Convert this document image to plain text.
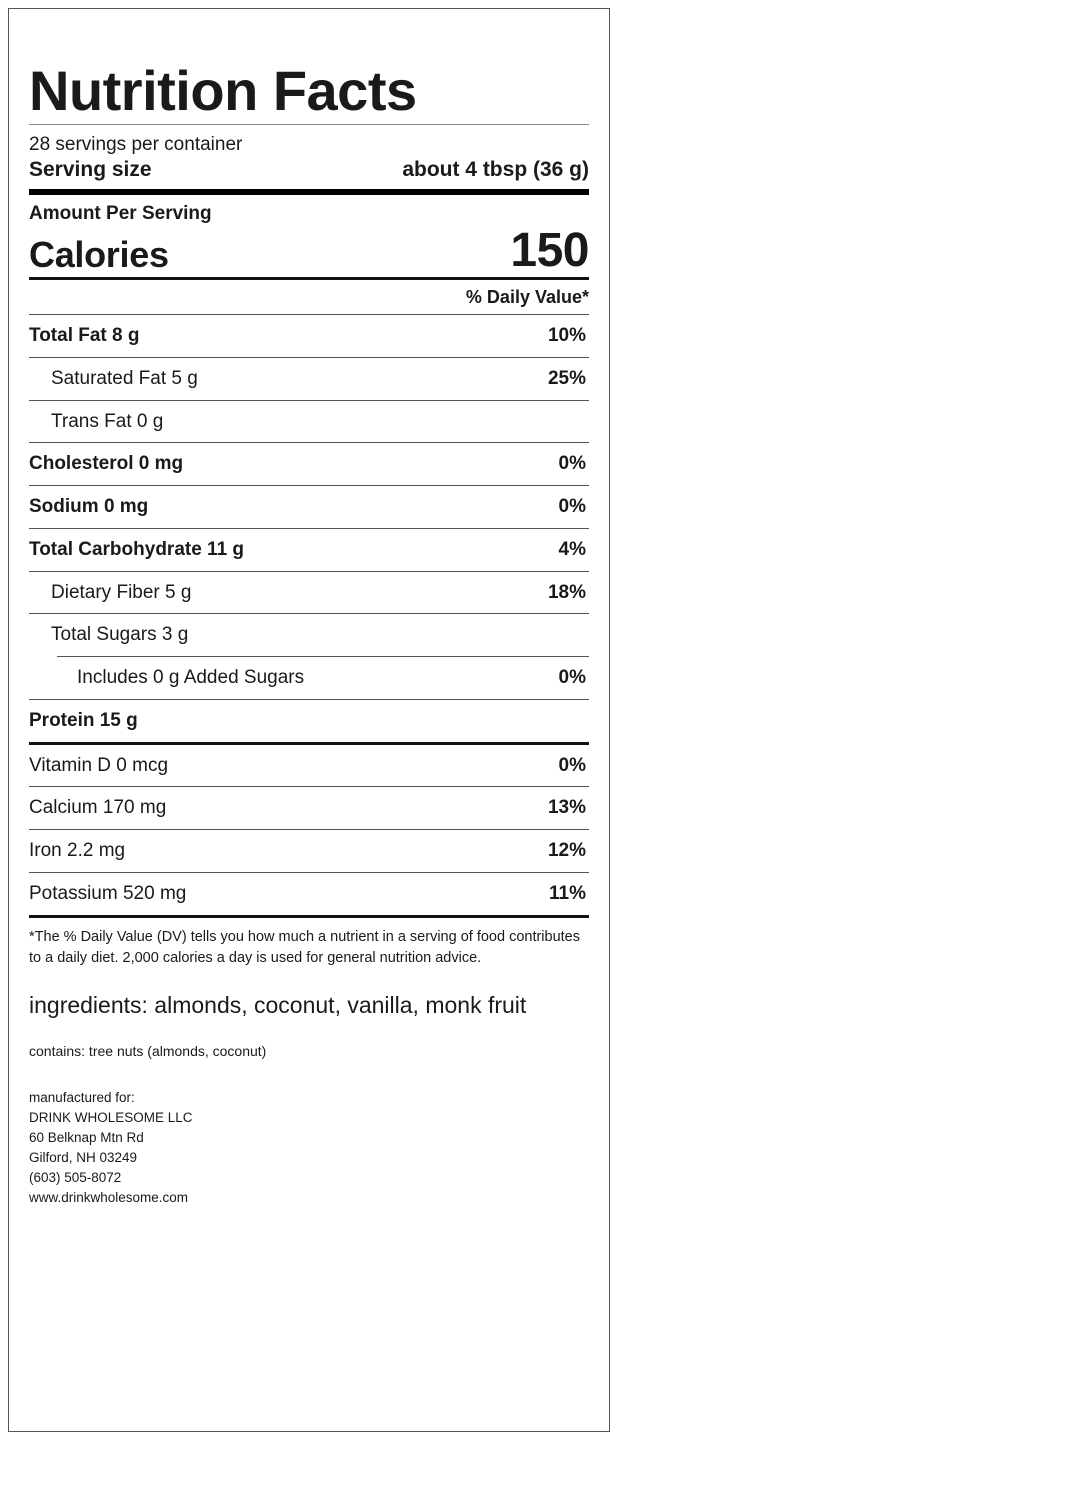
Nutrition Facts
28 servings per container
Serving size	about 4 tbsp (36 g)
Amount Per Serving
Calories	150
% Daily Value*
Total Fat 8 g	10%
Saturated Fat 5 g	25%
Trans Fat 0 g
Cholesterol 0 mg	0%
Sodium 0 mg	0%
Total Carbohydrate 11 g	4%
Dietary Fiber 5 g	18%
Total Sugars 3 g
Includes 0 g Added Sugars	0%
Protein 15 g
Vitamin D 0 mcg	0%
Calcium 170 mg	13%
Iron 2.2 mg	12%
Potassium 520 mg	11%
*The % Daily Value (DV) tells you how much a nutrient in a serving of food contributes to a daily diet. 2,000 calories a day is used for general nutrition advice.
ingredients: almonds, coconut, vanilla, monk fruit
contains: tree nuts (almonds, coconut)
manufactured for:
DRINK WHOLESOME LLC
60 Belknap Mtn Rd
Gilford, NH 03249
(603) 505-8072
www.drinkwholesome.com
